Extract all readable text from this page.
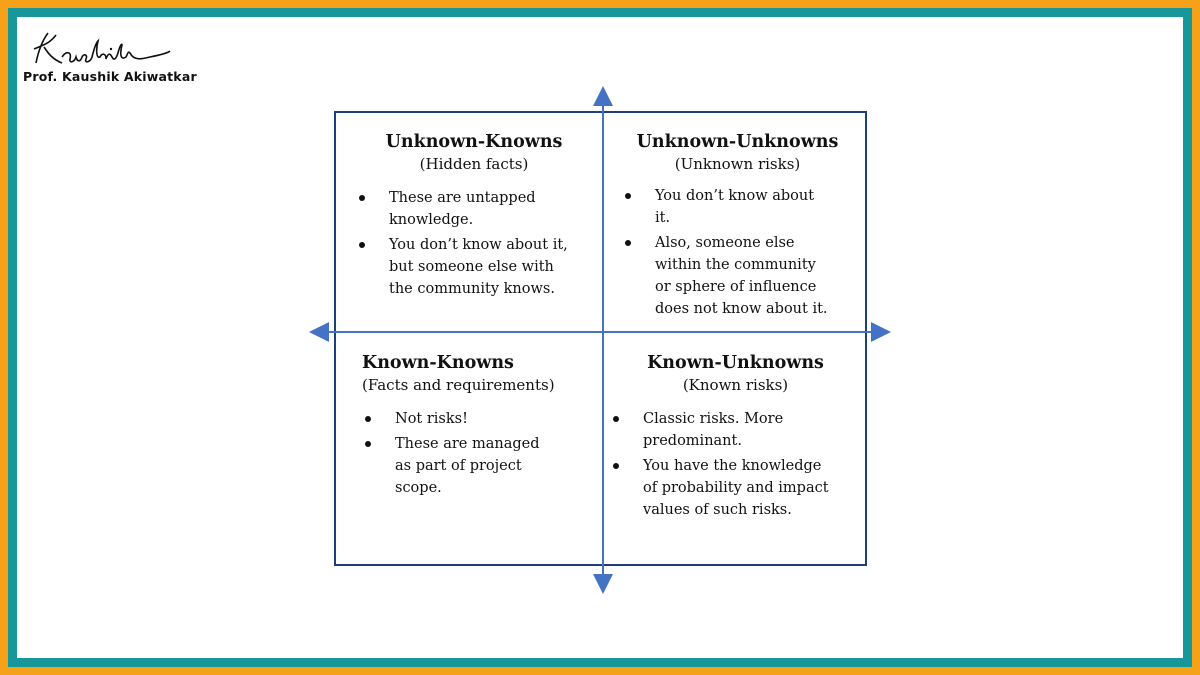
Prof. Kaushik Akiwatkar
Unknown-Knowns
(Hidden facts)
These are untapped
knowledge.
You don’t know about it,
but someone else with
the community knows.
Unknown-Unknowns
(Unknown risks)
You don’t know about
it.
Also, someone else
within the community
or sphere of influence
does not know about it.
Known-Knowns
(Facts and requirements)
Not risks!
These are managed
as part of project
scope.
Known-Unknowns
(Known risks)
Classic risks. More
predominant.
You have the knowledge
of probability and impact
values of such risks.
